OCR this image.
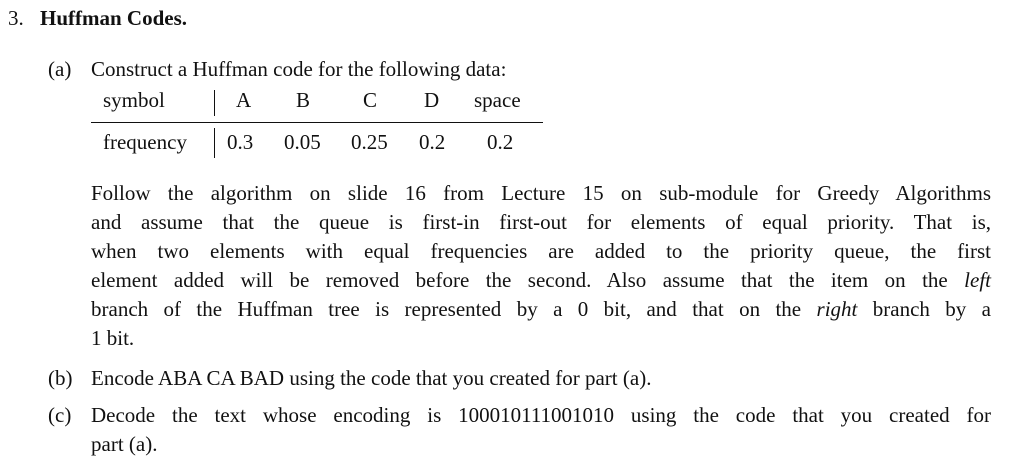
3. Huffman Codes.
(a) Construct a Huffman code for the following data:
symbol	A B	C D space
frequency 0.3 0.05 0.25 0.2 0.2
Follow the algorithm on slide 16 from Lecture 15 on sub-module for Greedy Algorithms
and assume that the queue is first-in first-out for elements of equal priority. That is,
when two elements with equal frequencies are added to the priority queue, the first
element added will be removed before the second. Also assume that the item on the left
branch of the Huffman tree is represented by a 0 bit, and that on the right branch by a
1 bit.
(b) Encode ABA CA BAD using the code that you created for part (a).
(c) Decode the text whose encoding is 100010111001010 using the code that you created for
part (a).
